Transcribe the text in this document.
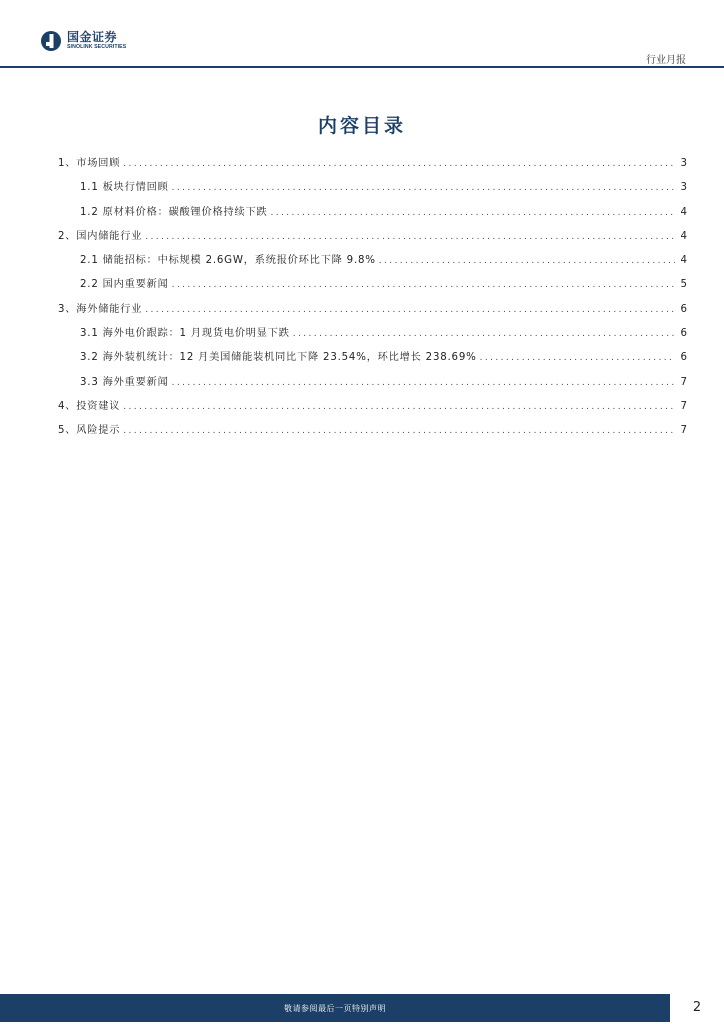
国金证券
SINOLINK SECURITIES
行业月报
内容目录
1、市场回顾 .....	3
1.1 板块行情回顾 .....	3
1.2 原材料价格：碳酸锂价格持续下跌 .....	4
2、国内储能行业 .....	4
2.1 储能招标：中标规模 2.6GW，系统报价环比下降 9.8% .....	4
2.2 国内重要新闻 .....	5
3、海外储能行业 .....	6
3.1 海外电价跟踪：1 月现货电价明显下跌 .....	6
3.2 海外装机统计：12 月美国储能装机同比下降 23.54%，环比增长 238.69% .....	6
3.3 海外重要新闻 .....	7
4、投资建议 .....	7
5、风险提示 .....	7
敬请参阅最后一页特别声明	2
